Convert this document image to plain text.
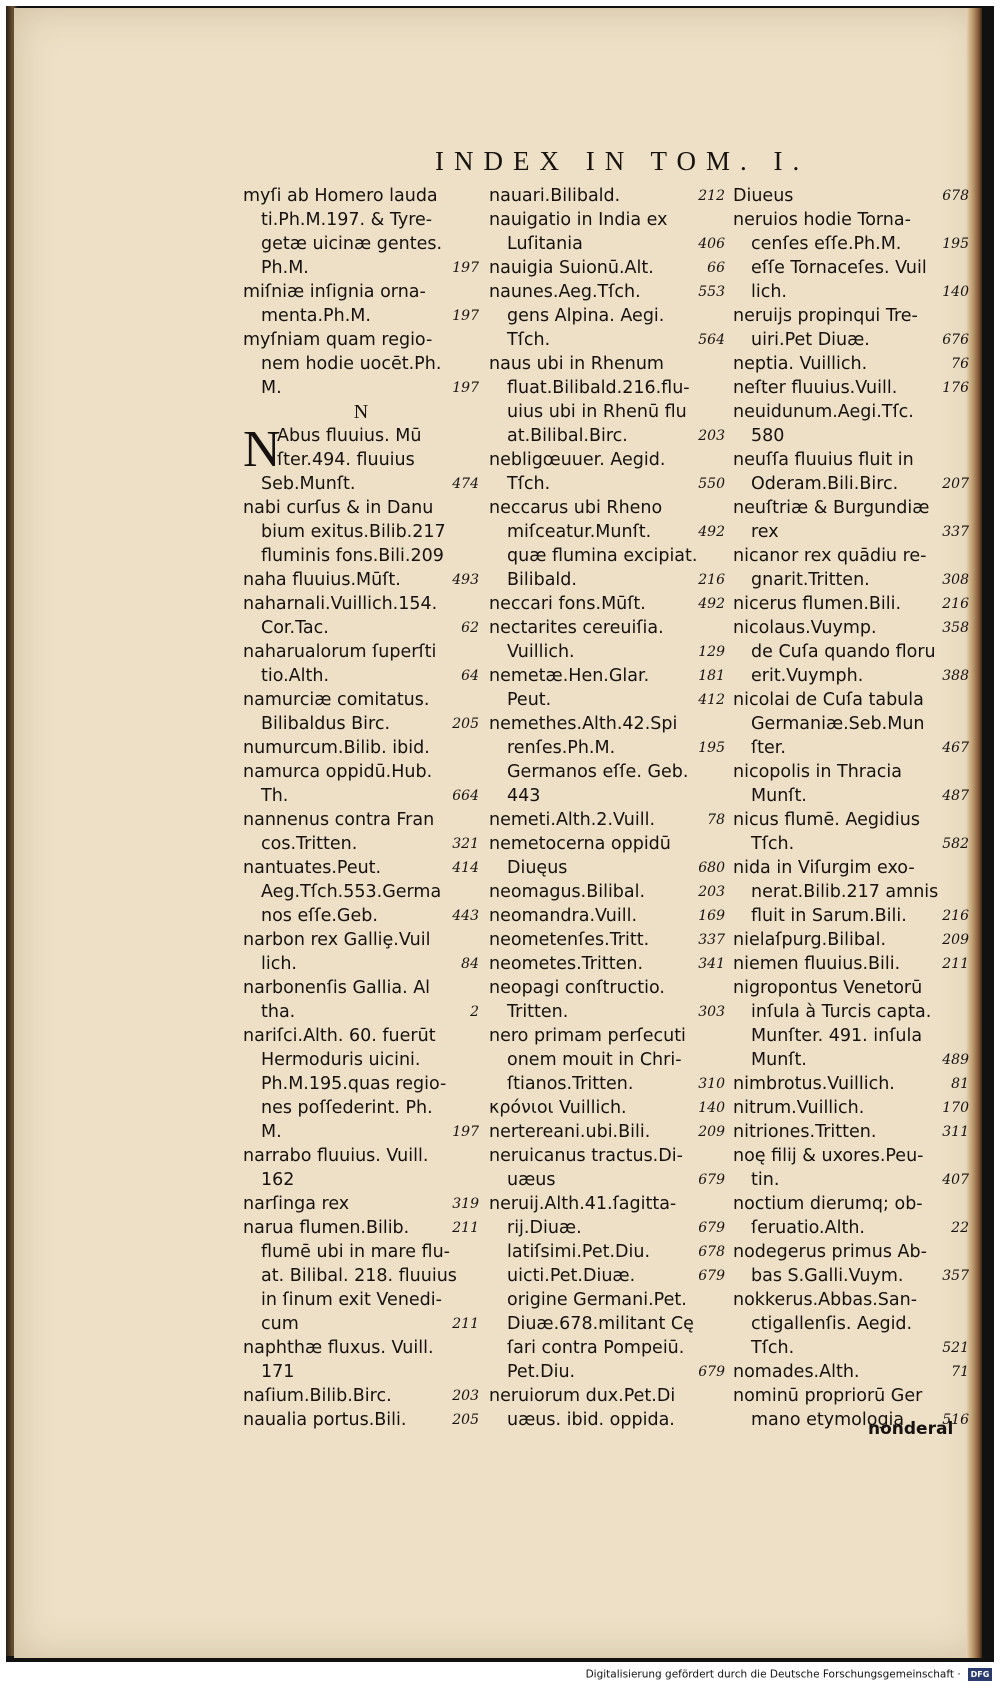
INDEX IN TOM. I.
myſi ab Homero lauda
ti.Ph.M.197. & Tyre-
getæ uicinæ gentes.
Ph.M.	197
miſniæ inſignia orna-
menta.Ph.M.	197
myſniam quam regio-
nem hodie uocēt.Ph.
M.	197
N
N
Abus fluuius. Mū
ſter.494. fluuius
Seb.Munſt.	474
nabi curſus & in Danu
bium exitus.Bilib.217
fluminis fons.Bili.209
naha fluuius.Mūſt.	493
naharnali.Vuillich.154.
Cor.Tac.	62
naharualorum ſuperſti
tio.Alth.	64
namurciæ comitatus.
Bilibaldus Birc.	205
numurcum.Bilib. ibid.
namurca oppidū.Hub.
Th.	664
nannenus contra Fran
cos.Tritten.	321
nantuates.Peut.	414
Aeg.Tſch.553.Germa
nos eſſe.Geb.	443
narbon rex Galliȩ.Vuil
lich.	84
narbonenſis Gallia. Al
tha.	2
nariſci.Alth. 60. fuerūt
Hermoduris uicini.
Ph.M.195.quas regio-
nes poſſederint. Ph.
M.	197
narrabo fluuius. Vuill.
162
narſinga rex	319
narua flumen.Bilib.	211
flumē ubi in mare flu-
at. Bilibal. 218. fluuius
in ſinum exit Venedi-
cum	211
naphthæ fluxus. Vuill.
171
naſium.Bilib.Birc.	203
naualia portus.Bili.	205
nauari.Bilibald.	212
nauigatio in India ex
Luſitania	406
nauigia Suionū.Alt.	66
naunes.Aeg.Tſch.	553
gens Alpina. Aegi.
Tſch.	564
naus ubi in Rhenum
fluat.Bilibald.216.flu-
uius ubi in Rhenū flu
at.Bilibal.Birc.	203
nebligœuuer. Aegid.
Tſch.	550
neccarus ubi Rheno
miſceatur.Munſt.	492
quæ flumina excipiat.
Bilibald.	216
neccari fons.Mūſt.	492
nectarites cereuiſia.
Vuillich.	129
nemetæ.Hen.Glar.	181
Peut.	412
nemethes.Alth.42.Spi
renſes.Ph.M.	195
Germanos eſſe. Geb.
443
nemeti.Alth.2.Vuill.	78
nemetocerna oppidū
Diuęus	680
neomagus.Bilibal.	203
neomandra.Vuill.	169
neometenſes.Tritt.	337
neometes.Tritten.	341
neopagi conſtructio.
Tritten.	303
nero primam perſecuti
onem mouit in Chri-
ſtianos.Tritten.	310
κρόνιοι Vuillich.	140
nertereani.ubi.Bili.	209
neruicanus tractus.Di-
uæus	679
neruij.Alth.41.ſagitta-
rij.Diuæ.	679
latiſsimi.Pet.Diu.	678
uicti.Pet.Diuæ.	679
origine Germani.Pet.
Diuæ.678.militant Cę
ſari contra Pompeiū.
Pet.Diu.	679
neruiorum dux.Pet.Di
uæus. ibid. oppida.
Diueus	678
neruios hodie Torna-
cenſes eſſe.Ph.M.	195
eſſe Tornaceſes. Vuil
lich.	140
neruijs propinqui Tre-
uiri.Pet Diuæ.	676
neptia. Vuillich.	76
neſter fluuius.Vuill.	176
neuidunum.Aegi.Tſc.
580
neuſſa fluuius fluit in
Oderam.Bili.Birc.	207
neuſtriæ & Burgundiæ
rex	337
nicanor rex quādiu re-
gnarit.Tritten.	308
nicerus flumen.Bili.	216
nicolaus.Vuymp.	358
de Cuſa quando floru
erit.Vuymph.	388
nicolai de Cuſa tabula
Germaniæ.Seb.Mun
ſter.	467
nicopolis in Thracia
Munſt.	487
nicus flumē. Aegidius
Tſch.	582
nida in Viſurgim exo-
nerat.Bilib.217 amnis
fluit in Sarum.Bili.	216
nielaſpurg.Bilibal.	209
niemen fluuius.Bili.	211
nigropontus Venetorū
inſula à Turcis capta.
Munſter. 491. inſula
Munſt.	489
nimbrotus.Vuillich.	81
nitrum.Vuillich.	170
nitriones.Tritten.	311
noę filij & uxores.Peu-
tin.	407
noctium dierumq; ob-
ſeruatio.Alth.	22
nodegerus primus Ab-
bas S.Galli.Vuym.	357
nokkerus.Abbas.San-
ctigallenſis. Aegid.
Tſch.	521
nomades.Alth.	71
nominū propriorū Ger
mano etymologia	516
nonderal
Digitalisierung gefördert durch die Deutsche Forschungsgemeinschaft · DFG
